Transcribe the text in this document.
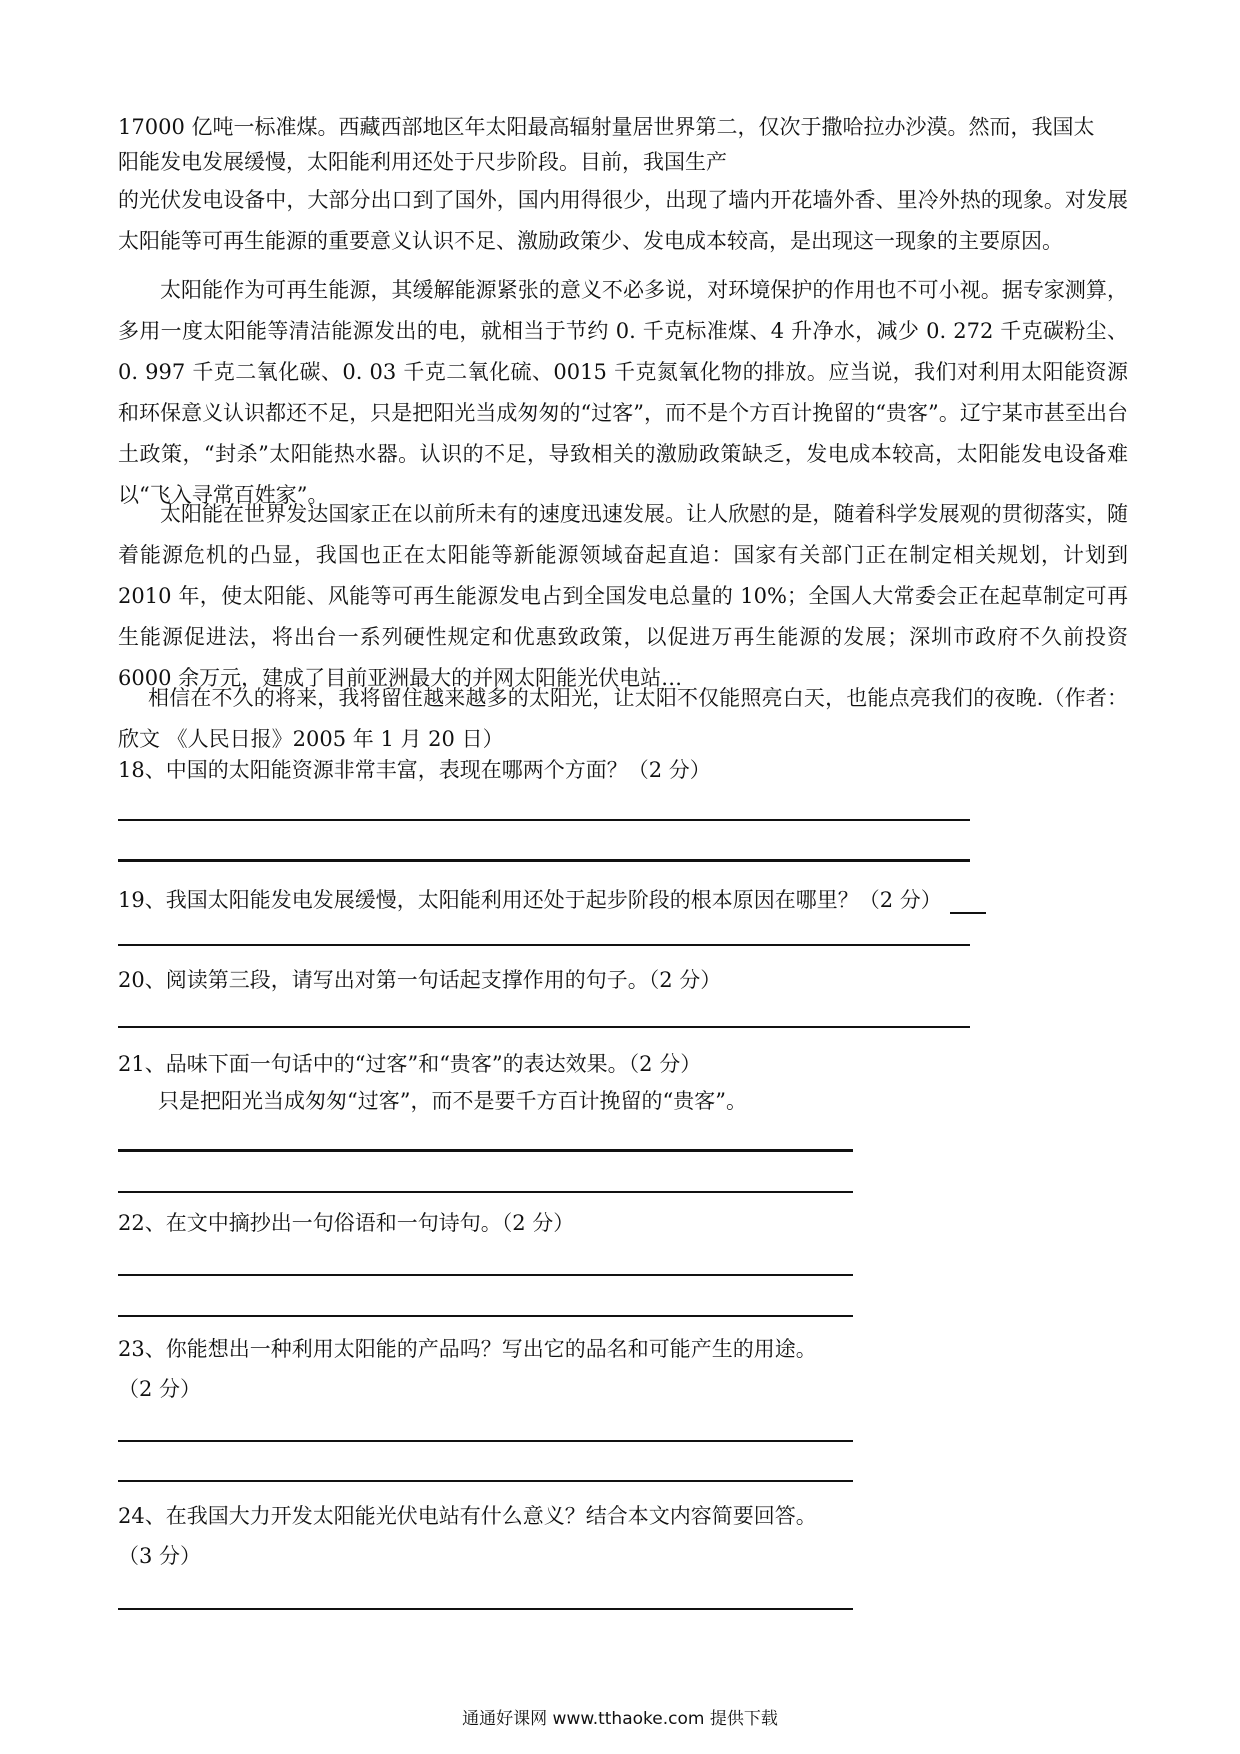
17000 亿吨一标准煤。西藏西部地区年太阳最高辐射量居世界第二，仅次于撒哈拉办沙漠。然而，我国太
阳能发电发展缓慢，太阳能利用还处于尺步阶段。目前，我国生产

的光伏发电设备中，大部分出口到了国外，国内用得很少，出现了墙内开花墙外香、里冷外热的现象。对发展太阳能等可再生能源的重要意义认识不足、激励政策少、发电成本较高，是出现这一现象的主要原因。

太阳能作为可再生能源，其缓解能源紧张的意义不必多说，对环境保护的作用也不可小视。据专家测算，多用一度太阳能等清洁能源发出的电，就相当于节约 0. 千克标准煤、4 升净水，减少 0. 272 千克碳粉尘、0. 997 千克二氧化碳、0. 03 千克二氧化硫、0015 千克氮氧化物的排放。应当说，我们对利用太阳能资源和环保意义认识都还不足，只是把阳光当成匆匆的“过客”，而不是个方百计挽留的“贵客”。辽宁某市甚至出台土政策，“封杀”太阳能热水器。认识的不足，导致相关的激励政策缺乏，发电成本较高，太阳能发电设备难以“飞入寻常百姓家”。

太阳能在世界发达国家正在以前所未有的速度迅速发展。让人欣慰的是，随着科学发展观的贯彻落实，随着能源危机的凸显，我国也正在太阳能等新能源领域奋起直追：国家有关部门正在制定相关规划，计划到 2010 年，使太阳能、风能等可再生能源发电占到全国发电总量的 10%；全国人大常委会正在起草制定可再生能源促进法，将出台一系列硬性规定和优惠致政策，以促进万再生能源的发展；深圳市政府不久前投资 6000 余万元，建成了目前亚洲最大的并网太阳能光伏电站…

相信在不久的将来，我将留住越来越多的太阳光，让太阳不仅能照亮白天，也能点亮我们的夜晚.（作者：欣文 《人民日报》2005 年 1 月 20 日）

18、中国的太阳能资源非常丰富，表现在哪两个方面？（2 分）
19、我国太阳能发电发展缓慢，太阳能利用还处于起步阶段的根本原因在哪里？（2 分）
20、阅读第三段，请写出对第一句话起支撑作用的句子。（2 分）
21、品味下面一句话中的“过客”和“贵客”的表达效果。（2 分）
只是把阳光当成匆匆“过客”，而不是要千方百计挽留的“贵客”。
22、在文中摘抄出一句俗语和一句诗句。（2 分）
23、你能想出一种利用太阳能的产品吗？写出它的品名和可能产生的用途。
（2 分）
24、在我国大力开发太阳能光伏电站有什么意义？结合本文内容简要回答。
（3 分）
通通好课网 www.tthaoke.com 提供下载
